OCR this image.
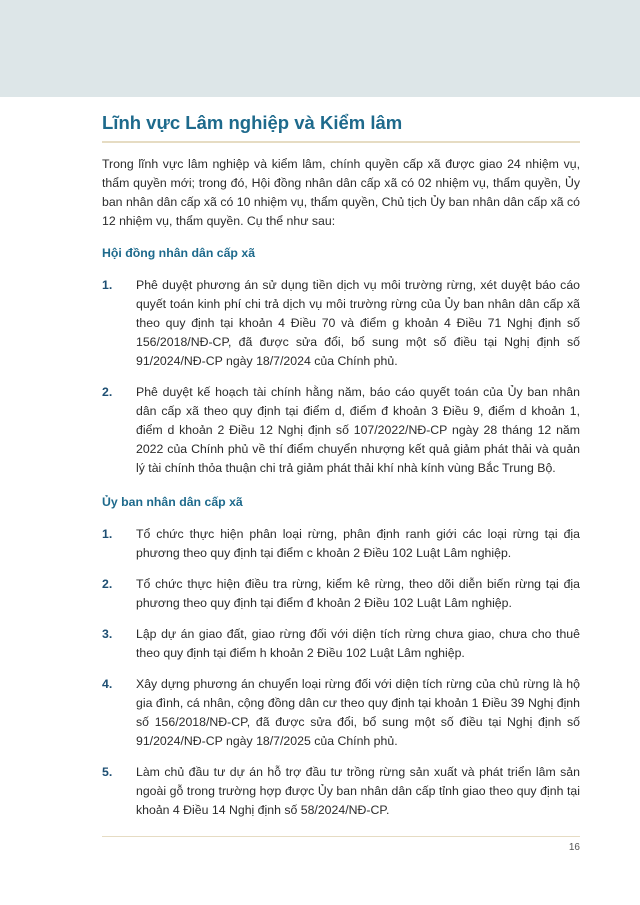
Lĩnh vực Lâm nghiệp và Kiểm lâm

Trong lĩnh vực lâm nghiệp và kiểm lâm, chính quyền cấp xã được giao 24 nhiệm vụ, thẩm quyền mới; trong đó, Hội đồng nhân dân cấp xã có 02 nhiệm vụ, thẩm quyền, Ủy ban nhân dân cấp xã có 10 nhiệm vụ, thẩm quyền, Chủ tịch Ủy ban nhân dân cấp xã có 12 nhiệm vụ, thẩm quyền. Cụ thể như sau:

Hội đồng nhân dân cấp xã
1.	Phê duyệt phương án sử dụng tiền dịch vụ môi trường rừng, xét duyệt báo cáo quyết toán kinh phí chi trả dịch vụ môi trường rừng của Ủy ban nhân dân cấp xã theo quy định tại khoản 4 Điều 70 và điểm g khoản 4 Điều 71 Nghị định số 156/2018/NĐ-CP, đã được sửa đổi, bổ sung một số điều tại Nghị định số 91/2024/NĐ-CP ngày 18/7/2024 của Chính phủ.
2.	Phê duyệt kế hoạch tài chính hằng năm, báo cáo quyết toán của Ủy ban nhân dân cấp xã theo quy định tại điểm d, điểm đ khoản 3 Điều 9, điểm d khoản 1, điểm d khoản 2 Điều 12 Nghị định số 107/2022/NĐ-CP ngày 28 tháng 12 năm 2022 của Chính phủ về thí điểm chuyển nhượng kết quả giảm phát thải và quản lý tài chính thỏa thuận chi trả giảm phát thải khí nhà kính vùng Bắc Trung Bộ.
Ủy ban nhân dân cấp xã
1.	Tổ chức thực hiện phân loại rừng, phân định ranh giới các loại rừng tại địa phương theo quy định tại điểm c khoản 2 Điều 102 Luật Lâm nghiệp.
2.	Tổ chức thực hiện điều tra rừng, kiểm kê rừng, theo dõi diễn biến rừng tại địa phương theo quy định tại điểm đ khoản 2 Điều 102 Luật Lâm nghiệp.
3.	Lập dự án giao đất, giao rừng đối với diện tích rừng chưa giao, chưa cho thuê theo quy định tại điểm h khoản 2 Điều 102 Luật Lâm nghiệp.
4.	Xây dựng phương án chuyển loại rừng đối với diện tích rừng của chủ rừng là hộ gia đình, cá nhân, cộng đồng dân cư theo quy định tại khoản 1 Điều 39 Nghị định số 156/2018/NĐ-CP, đã được sửa đổi, bổ sung một số điều tại Nghị định số 91/2024/NĐ-CP ngày 18/7/2025 của Chính phủ.
5.	Làm chủ đầu tư dự án hỗ trợ đầu tư trồng rừng sản xuất và phát triển lâm sản ngoài gỗ trong trường hợp được Ủy ban nhân dân cấp tỉnh giao theo quy định tại khoản 4 Điều 14 Nghị định số 58/2024/NĐ-CP.
16
